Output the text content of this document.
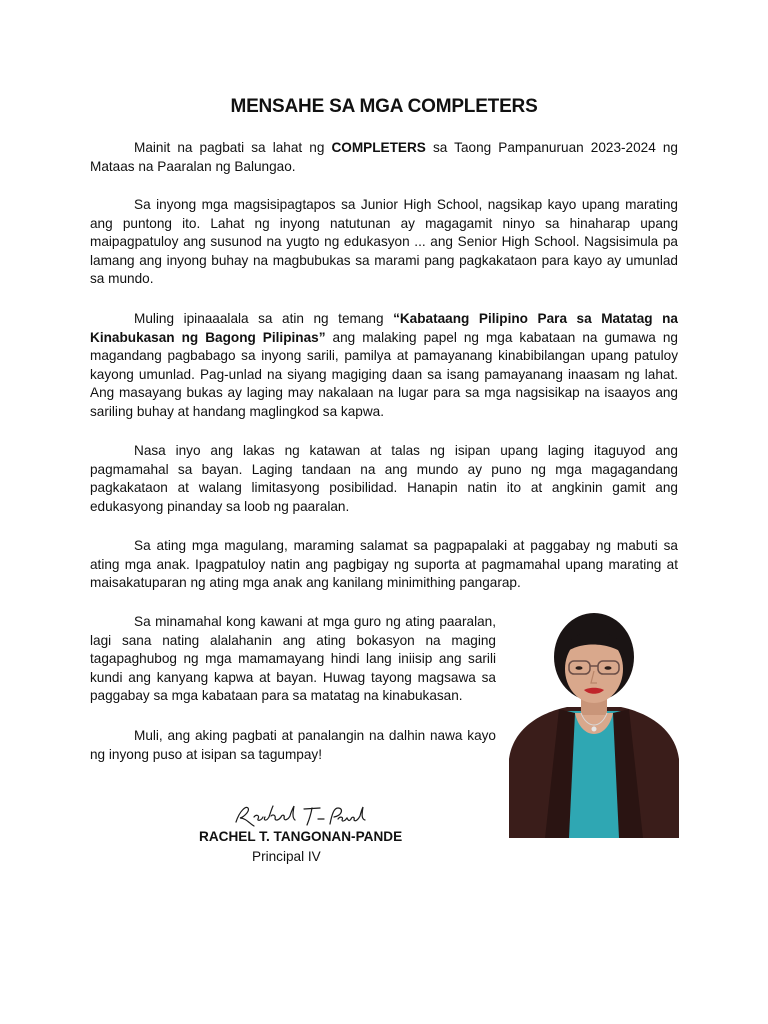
MENSAHE SA MGA COMPLETERS

Mainit na pagbati sa lahat ng COMPLETERS sa Taong Pampanuruan 2023-2024 ng Mataas na Paaralan ng Balungao.

Sa inyong mga magsisipagtapos sa Junior High School, nagsikap kayo upang marating ang puntong ito. Lahat ng inyong natutunan ay magagamit ninyo sa hinaharap upang maipagpatuloy ang susunod na yugto ng edukasyon ... ang Senior High School. Nagsisimula pa lamang ang inyong buhay na magbubukas sa marami pang pagkakataon para kayo ay umunlad sa mundo.

Muling ipinaaalala sa atin ng temang “Kabataang Pilipino Para sa Matatag na Kinabukasan ng Bagong Pilipinas” ang malaking papel ng mga kabataan na gumawa ng magandang pagbabago sa inyong sarili, pamilya at pamayanang kinabibilangan upang patuloy kayong umunlad. Pag-unlad na siyang magiging daan sa isang pamayanang inaasam ng lahat. Ang masayang bukas ay laging may nakalaan na lugar para sa mga nagsisikap na isaayos ang sariling buhay at handang maglingkod sa kapwa.

Nasa inyo ang lakas ng katawan at talas ng isipan upang laging itaguyod ang pagmamahal sa bayan. Laging tandaan na ang mundo ay puno ng mga magagandang pagkakataon at walang limitasyong posibilidad. Hanapin natin ito at angkinin gamit ang edukasyong pinanday sa loob ng paaralan.

Sa ating mga magulang, maraming salamat sa pagpapalaki at paggabay ng mabuti sa ating mga anak. Ipagpatuloy natin ang pagbigay ng suporta at pagmamahal upang marating at maisakatuparan ng ating mga anak ang kanilang minimithing pangarap.

Sa minamahal kong kawani at mga guro ng ating paaralan, lagi sana nating alalahanin ang ating bokasyon na maging tagapaghubog ng mga mamamayang hindi lang iniisip ang sarili kundi ang kanyang kapwa at bayan. Huwag tayong magsawa sa paggabay sa mga kabataan para sa matatag na kinabukasan.

Muli, ang aking pagbati at panalangin na dalhin nawa kayo ng inyong puso at isipan sa tagumpay!

RACHEL T. TANGONAN-PANDE
Principal IV
